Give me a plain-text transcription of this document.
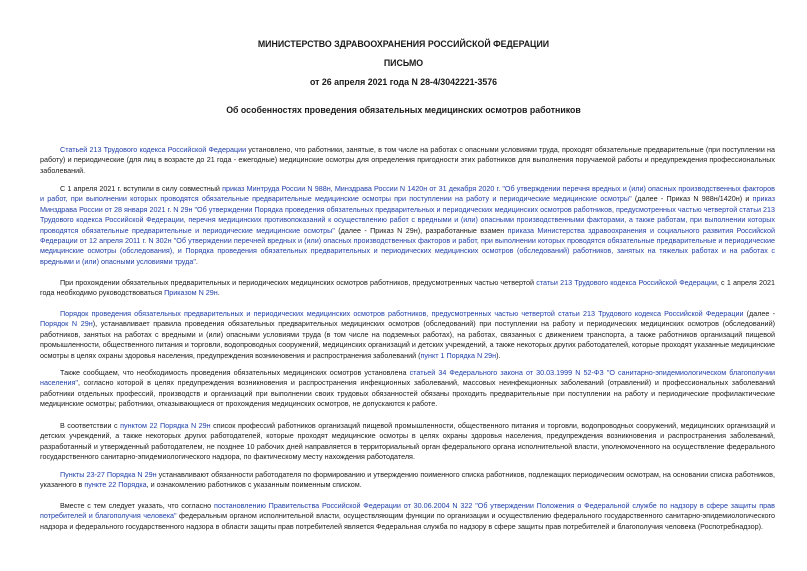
МИНИСТЕРСТВО ЗДРАВООХРАНЕНИЯ РОССИЙСКОЙ ФЕДЕРАЦИИ
ПИСЬМО
от 26 апреля 2021 года N 28-4/3042221-3576
Об особенностях проведения обязательных медицинских осмотров работников

Статьей 213 Трудового кодекса Российской Федерации установлено, что работники, занятые, в том числе на работах с опасными условиями труда, проходят обязательные предварительные (при поступлении на работу) и периодические (для лиц в возрасте до 21 года - ежегодные) медицинские осмотры для определения пригодности этих работников для выполнения поручаемой работы и предупреждения профессиональных заболеваний.

С 1 апреля 2021 г. вступили в силу совместный приказ Минтруда России N 988н, Минздрава России N 1420н от 31 декабря 2020 г. "Об утверждении перечня вредных и (или) опасных производственных факторов и работ, при выполнении которых проводятся обязательные предварительные медицинские осмотры при поступлении на работу и периодические медицинские осмотры" (далее - Приказ N 988н/1420н) и приказ Минздрава России от 28 января 2021 г. N 29н "Об утверждении Порядка проведения обязательных предварительных и периодических медицинских осмотров работников, предусмотренных частью четвертой статьи 213 Трудового кодекса Российской Федерации, перечня медицинских противопоказаний к осуществлению работ с вредными и (или) опасными производственными факторами, а также работам, при выполнении которых проводятся обязательные предварительные и периодические медицинские осмотры" (далее - Приказ N 29н), разработанные взамен приказа Министерства здравоохранения и социального развития Российской Федерации от 12 апреля 2011 г. N 302н "Об утверждении перечней вредных и (или) опасных производственных факторов и работ, при выполнении которых проводятся обязательные предварительные и периодические медицинские осмотры (обследования), и Порядка проведения обязательных предварительных и периодических медицинских осмотров (обследований) работников, занятых на тяжелых работах и на работах с вредными и (или) опасными условиями труда".

При прохождении обязательных предварительных и периодических медицинских осмотров работников, предусмотренных частью четвертой статьи 213 Трудового кодекса Российской Федерации, с 1 апреля 2021 года необходимо руководствоваться Приказом N 29н.

Порядок проведения обязательных предварительных и периодических медицинских осмотров работников, предусмотренных частью четвертой статьи 213 Трудового кодекса Российской Федерации (далее - Порядок N 29н), устанавливает правила проведения обязательных предварительных медицинских осмотров (обследований) при поступлении на работу и периодических медицинских осмотров (обследований) работников, занятых на работах с вредными и (или) опасными условиями труда (в том числе на подземных работах), на работах, связанных с движением транспорта, а также работников организаций пищевой промышленности, общественного питания и торговли, водопроводных сооружений, медицинских организаций и детских учреждений, а также некоторых других работодателей, которые проходят указанные медицинские осмотры в целях охраны здоровья населения, предупреждения возникновения и распространения заболеваний (пункт 1 Порядка N 29н).

Также сообщаем, что необходимость проведения обязательных медицинских осмотров установлена статьей 34 Федерального закона от 30.03.1999 N 52-ФЗ "О санитарно-эпидемиологическом благополучии населения", согласно которой в целях предупреждения возникновения и распространения инфекционных заболеваний, массовых неинфекционных заболеваний (отравлений) и профессиональных заболеваний работники отдельных профессий, производств и организаций при выполнении своих трудовых обязанностей обязаны проходить предварительные при поступлении на работу и периодические профилактические медицинские осмотры; работники, отказывающиеся от прохождения медицинских осмотров, не допускаются к работе.

В соответствии с пунктом 22 Порядка N 29н список профессий работников организаций пищевой промышленности, общественного питания и торговли, водопроводных сооружений, медицинских организаций и детских учреждений, а также некоторых других работодателей, которые проходят медицинские осмотры в целях охраны здоровья населения, предупреждения возникновения и распространения заболеваний, разработанный и утвержденный работодателем, не позднее 10 рабочих дней направляется в территориальный орган федерального органа исполнительной власти, уполномоченного на осуществление федерального государственного санитарно-эпидемиологического надзора, по фактическому месту нахождения работодателя.

Пункты 23-27 Порядка N 29н устанавливают обязанности работодателя по формированию и утверждению поименного списка работников, подлежащих периодическим осмотрам, на основании списка работников, указанного в пункте 22 Порядка, и ознакомлению работников с указанным поименным списком.

Вместе с тем следует указать, что согласно постановлению Правительства Российской Федерации от 30.06.2004 N 322 "Об утверждении Положения о Федеральной службе по надзору в сфере защиты прав потребителей и благополучия человека" федеральным органом исполнительной власти, осуществляющим функции по организации и осуществлению федерального государственного санитарно-эпидемиологического надзора и федерального государственного надзора в области защиты прав потребителей является Федеральная служба по надзору в сфере защиты прав потребителей и благополучия человека (Роспотребнадзор).
